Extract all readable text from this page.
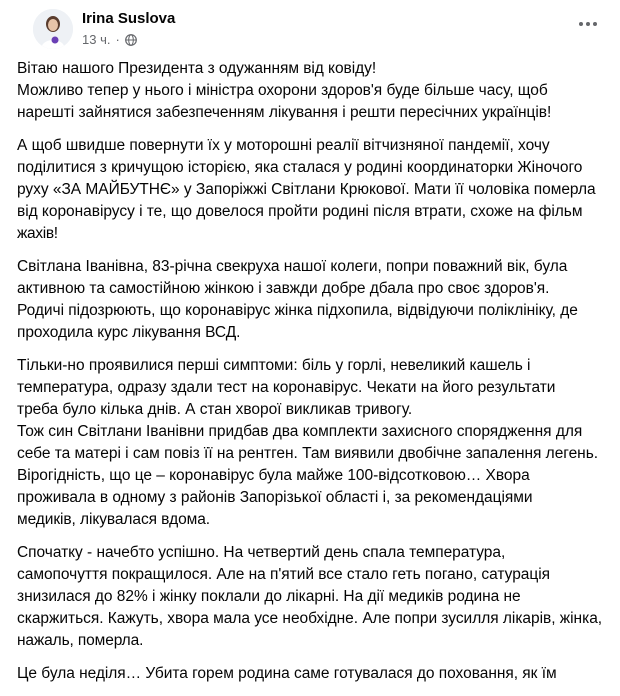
Irina Suslova
13 ч. ·
Вітаю нашого Президента з одужанням від ковіду!
Можливо тепер у нього і міністра охорони здоров'я буде більше часу, щоб
нарешті зайнятися забезпеченням лікування і решти пересічних українців!
А щоб швидше повернути їх у моторошні реалії вітчизняної пандемії, хочу
поділитися з кричущою історією, яка сталася у родині координаторки Жіночого
руху «ЗА МАЙБУТНЄ» у Запоріжжі Світлани Крюкової. Мати її чоловіка померла
від коронавірусу і те, що довелося пройти родині після втрати, схоже на фільм
жахів!
Світлана Іванівна, 83-річна свекруха нашої колеги, попри поважний вік, була
активною та самостійною жінкою і завжди добре дбала про своє здоров'я.
Родичі підозрюють, що коронавірус жінка підхопила, відвідуючи поліклініку, де
проходила курс лікування ВСД.
Тільки-но проявилися перші симптоми: біль у горлі, невеликий кашель і
температура, одразу здали тест на коронавірус. Чекати на його результати
треба було кілька днів. А стан хворої викликав тривогу.
Тож син Світлани Іванівни придбав два комплекти захисного спорядження для
себе та матері і сам повіз її на рентген. Там виявили двобічне запалення легень.
Вірогідність, що це – коронавірус була майже 100-відсотковою… Хвора
проживала в одному з районів Запорізької області і, за рекомендаціями
медиків, лікувалася вдома.
Спочатку - начебто успішно. На четвертий день спала температура,
самопочуття покращилося. Але на п'ятий все стало геть погано, сатурація
знизилася до 82% і жінку поклали до лікарні. На дії медиків родина не
скаржиться. Кажуть, хвора мала усе необхідне. Але попри зусилля лікарів, жінка,
нажаль, померла.
Це була неділя… Убита горем родина саме готувалася до поховання, як їм
